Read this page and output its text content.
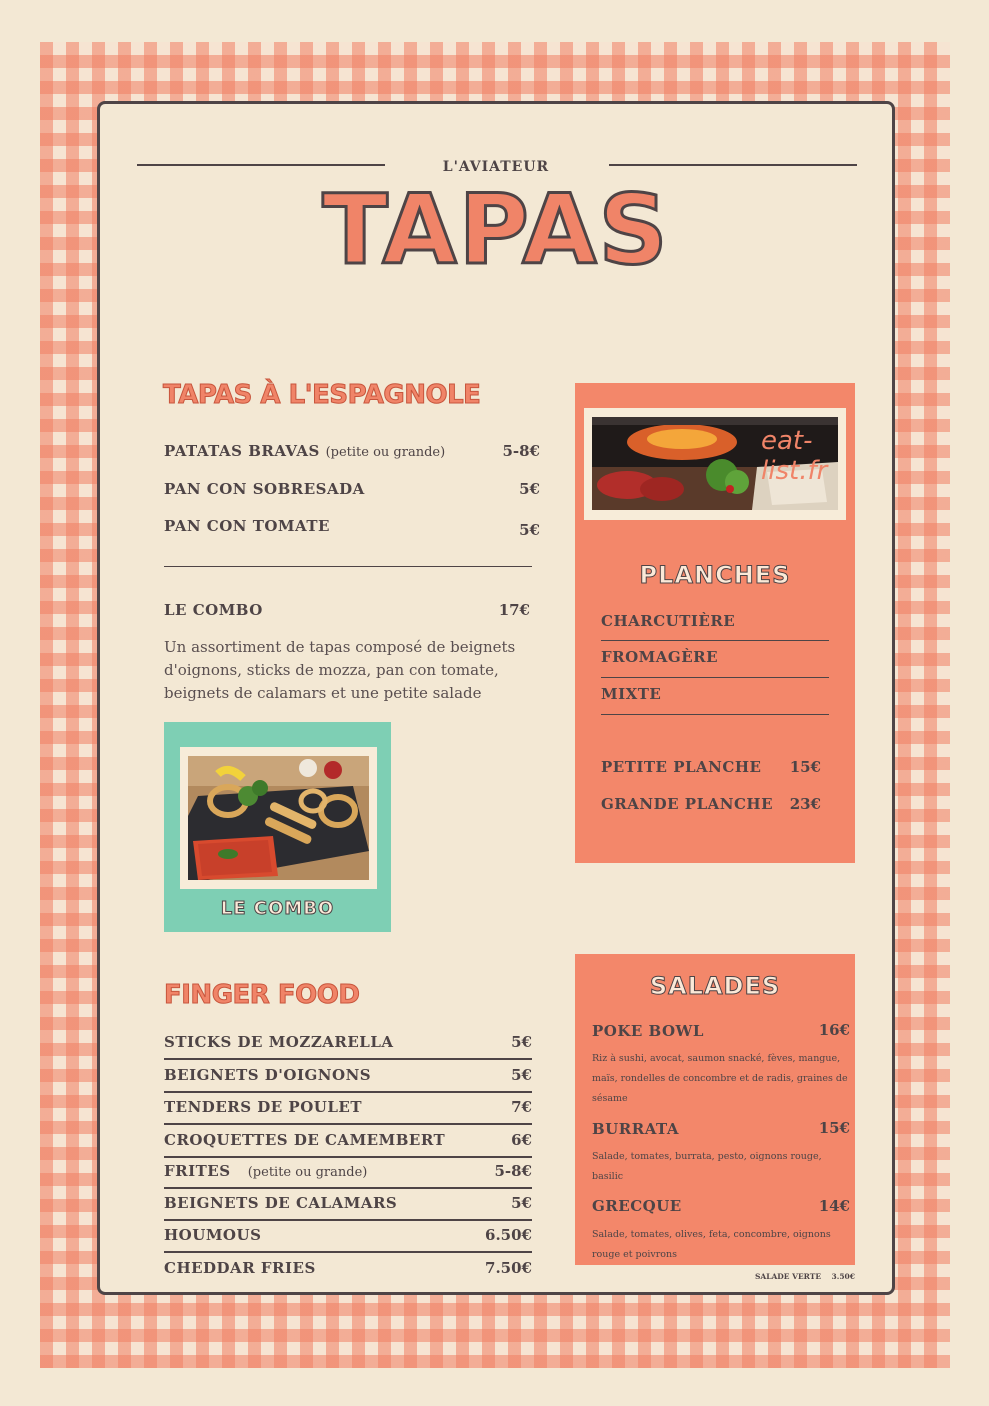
L'AVIATEUR
TAPAS
TAPAS À L'ESPAGNOLE
PATATAS BRAVAS (petite ou grande)	5-8€
PAN CON SOBRESADA	5€
PAN CON TOMATE	5€
LE COMBO	17€
Un assortiment de tapas composé de beignets
d'oignons, sticks de mozza, pan con tomate,
beignets de calamars et une petite salade
LE COMBO
eat-list.fr
PLANCHES
CHARCUTIÈRE
FROMAGÈRE
MIXTE
PETITE PLANCHE	15€
GRANDE PLANCHE	23€
FINGER FOOD
STICKS DE MOZZARELLA	5€
BEIGNETS D'OIGNONS	5€
TENDERS DE POULET	7€
CROQUETTES DE CAMEMBERT	6€
FRITES (petite ou grande)	5-8€
BEIGNETS DE CALAMARS	5€
HOUMOUS	6.50€
CHEDDAR FRIES	7.50€
SALADES
POKE BOWL	16€
Riz à sushi, avocat, saumon snacké, fèves, mangue,
maïs, rondelles de concombre et de radis, graines de
sésame
BURRATA	15€
Salade, tomates, burrata, pesto, oignons rouge,
basilic
GRECQUE	14€
Salade, tomates, olives, feta, concombre, oignons
rouge et poivrons
SALADE VERTE    3.50€
